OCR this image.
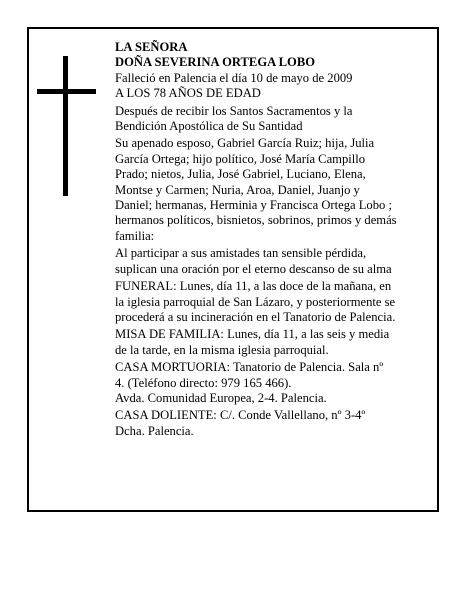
LA SEÑORA
DOÑA SEVERINA ORTEGA LOBO
Falleció en Palencia el día 10 de mayo de 2009
A LOS 78 AÑOS DE EDAD
Después de recibir los Santos Sacramentos y la
Bendición Apostólica de Su Santidad
Su apenado esposo, Gabriel García Ruiz; hija, Julia
García Ortega; hijo político, José María Campillo
Prado; nietos, Julia, José Gabriel, Luciano, Elena,
Montse y Carmen; Nuria, Aroa, Daniel, Juanjo y
Daniel; hermanas, Herminia y Francisca Ortega Lobo ;
hermanos políticos, bisnietos, sobrinos, primos y demás
familia:
Al participar a sus amistades tan sensible pérdida,
suplican una oración por el eterno descanso de su alma
FUNERAL: Lunes, día 11, a las doce de la mañana, en
la iglesia parroquial de San Lázaro, y posteriormente se
procederá a su incineración en el Tanatorio de Palencia.
MISA DE FAMILIA: Lunes, día 11, a las seis y media
de la tarde, en la misma iglesia parroquial.
CASA MORTUORIA: Tanatorio de Palencia. Sala nº
4. (Teléfono directo: 979 165 466).
Avda. Comunidad Europea, 2-4. Palencia.
CASA DOLIENTE: C/. Conde Vallellano, nº 3-4º
Dcha. Palencia.
